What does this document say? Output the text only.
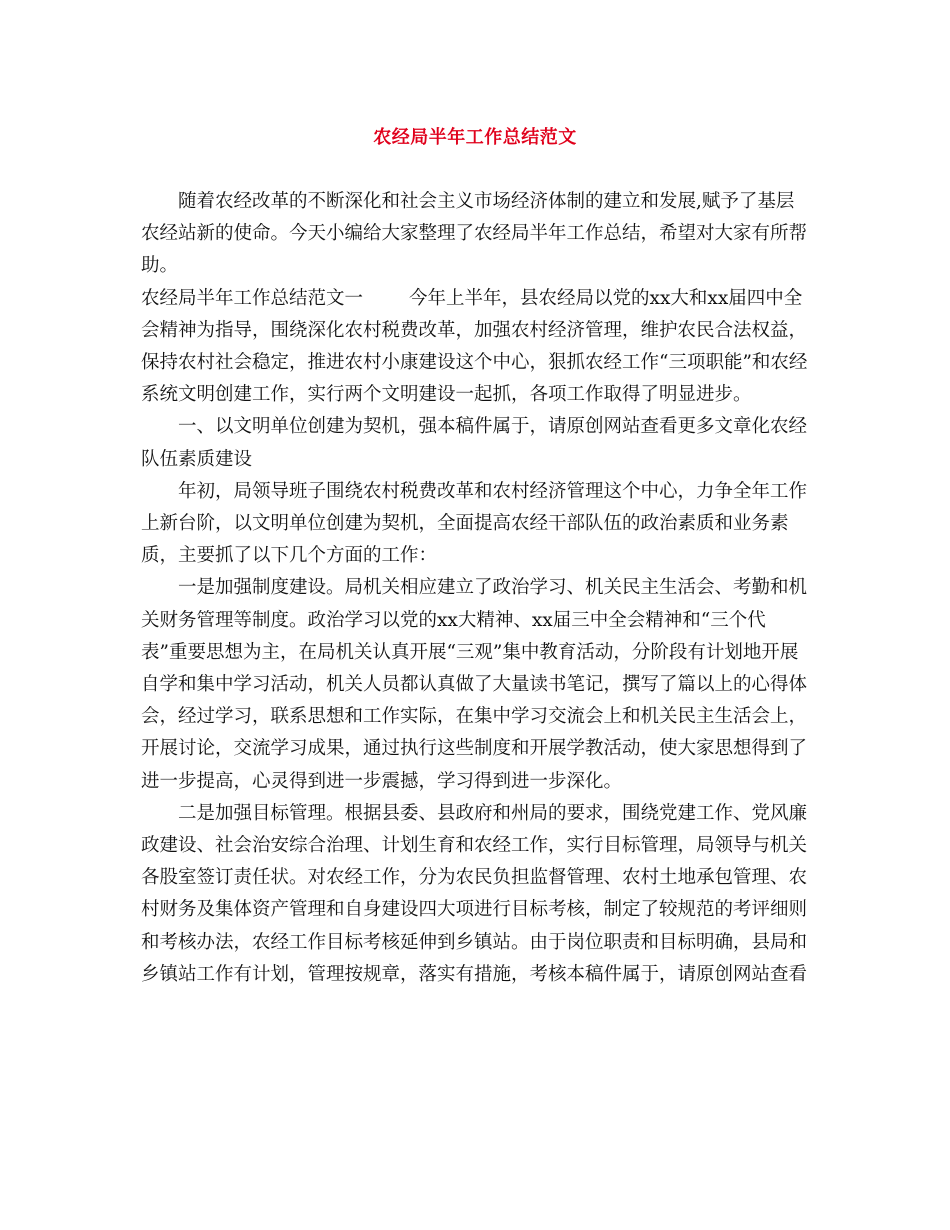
农经局半年工作总结范文

随着农经改革的不断深化和社会主义市场经济体制的建立和发展,赋予了基层农经站新的使命。今天小编给大家整理了农经局半年工作总结，希望对大家有所帮助。

农经局半年工作总结范文一 今年上半年，县农经局以党的xx大和xx届四中全会精神为指导，围绕深化农村税费改革，加强农村经济管理，维护农民合法权益，保持农村社会稳定，推进农村小康建设这个中心，狠抓农经工作“三项职能”和农经系统文明创建工作，实行两个文明建设一起抓，各项工作取得了明显进步。

一、以文明单位创建为契机，强本稿件属于，请原创网站查看更多文章化农经队伍素质建设

年初，局领导班子围绕农村税费改革和农村经济管理这个中心，力争全年工作上新台阶，以文明单位创建为契机，全面提高农经干部队伍的政治素质和业务素质，主要抓了以下几个方面的工作：

一是加强制度建设。局机关相应建立了政治学习、机关民主生活会、考勤和机关财务管理等制度。政治学习以党的xx大精神、xx届三中全会精神和“三个代表”重要思想为主，在局机关认真开展“三观”集中教育活动，分阶段有计划地开展自学和集中学习活动，机关人员都认真做了大量读书笔记，撰写了篇以上的心得体会，经过学习，联系思想和工作实际，在集中学习交流会上和机关民主生活会上，开展讨论，交流学习成果，通过执行这些制度和开展学教活动，使大家思想得到了进一步提高，心灵得到进一步震撼，学习得到进一步深化。

二是加强目标管理。根据县委、县政府和州局的要求，围绕党建工作、党风廉政建设、社会治安综合治理、计划生育和农经工作，实行目标管理，局领导与机关各股室签订责任状。对农经工作，分为农民负担监督管理、农村土地承包管理、农村财务及集体资产管理和自身建设四大项进行目标考核，制定了较规范的考评细则和考核办法，农经工作目标考核延伸到乡镇站。由于岗位职责和目标明确，县局和乡镇站工作有计划，管理按规章，落实有措施，考核本稿件属于，请原创网站查看
